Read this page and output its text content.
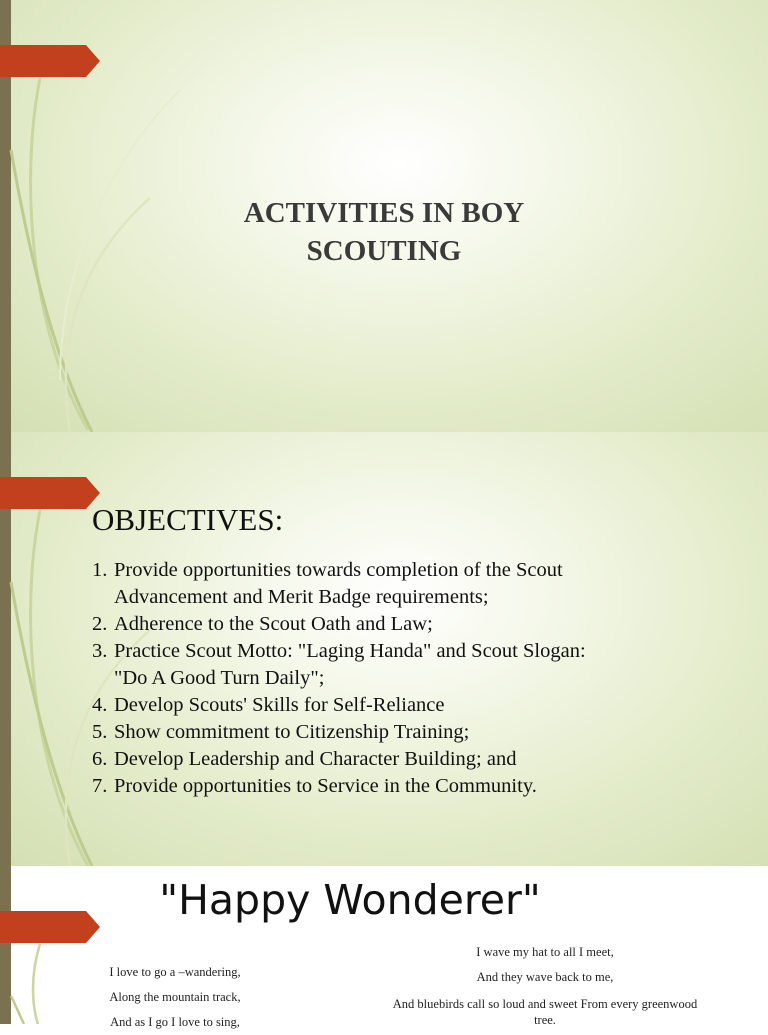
ACTIVITIES IN BOY
SCOUTING
OBJECTIVES:
1. Provide opportunities towards completion of the Scout Advancement and Merit Badge requirements;
2. Adherence to the Scout Oath and Law;
3. Practice Scout Motto: "Laging Handa" and Scout Slogan: "Do A Good Turn Daily";
4. Develop Scouts' Skills for Self-Reliance
5. Show commitment to Citizenship Training;
6. Develop Leadership and Character Building; and
7. Provide opportunities to Service in the Community.
"Happy Wonderer"
I love to go a –wandering,
Along the mountain track,
And as I go I love to sing,
I wave my hat to all I meet,
And they wave back to me,
And bluebirds call so loud and sweet From every greenwood tree.
